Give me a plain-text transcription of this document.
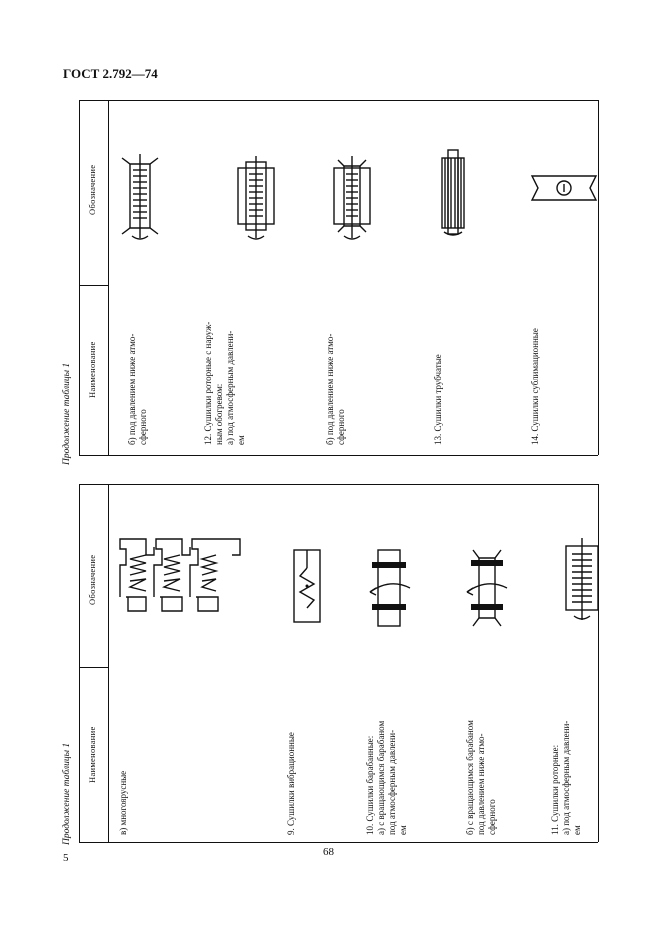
ГОСТ 2.792—74
Продолжение таблицы 1 Наименование
Обозначение
б) под давлением ниже атмо-
сферного	12. Сушилки роторные с наруж-
ным обогревом:
а) под атмосферным давлени-
ем	б) под давлением ниже атмо-
сферного	13. Сушилки трубчатые	14. Сушилки сублимационные
Продолжение таблицы 1 Наименование
Обозначение
в) многоярусные	9. Сушилки вибрационные	10. Сушилки барабанные:
а) с вращающимся барабаном
под атмосферным давлени-
ем	б) с вращающимся барабаном
под давлением ниже атмо-
сферного	11. Сушилки роторные:
а) под атмосферным давлени-
ем
5	68
